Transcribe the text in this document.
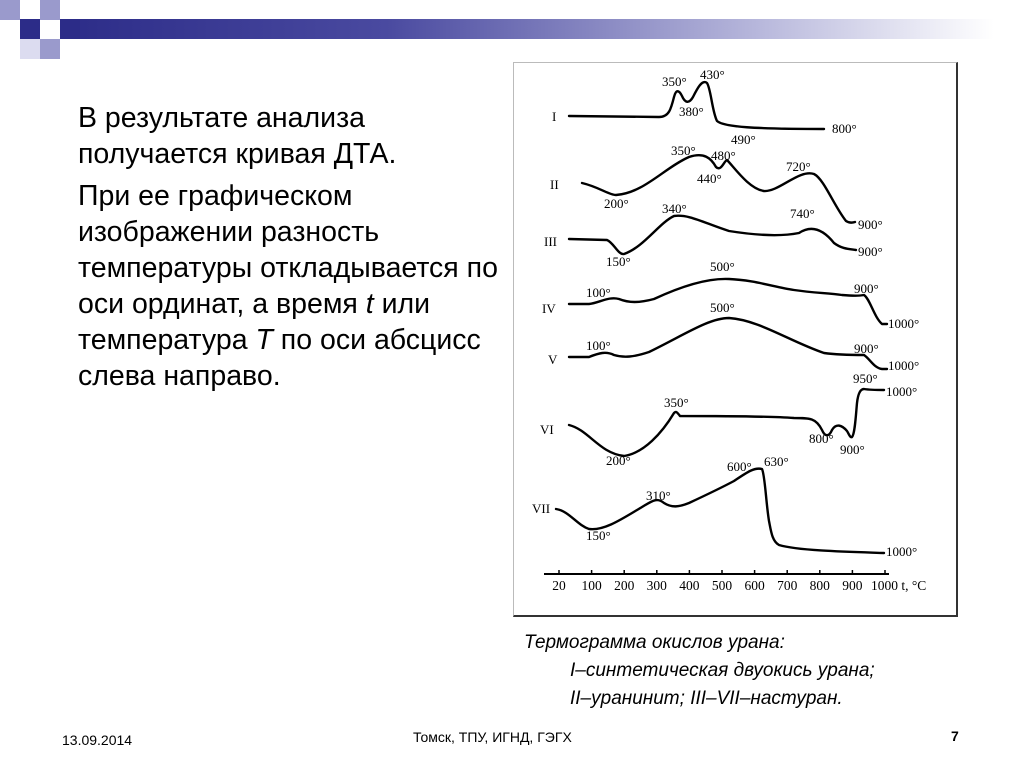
В результате анализа получается кривая ДТА.

При ее графическом изображении разность температуры откладывается по оси ординат, а время t или температура T по оси абсцисс слева направо.

I
II
III
IV
V
VI
VII
350° 430°
380°
490°
800°
350° 480°
440°
720°
200°
900°
340°	740°
150°
900°
100°
500°
900°
1000°
100°
500°
900°
1000°
350°
950°
1000°
800°
900°
200°	600° 630°
310°
150°
1000°
20 100 200 300 400 500 600 700 800 900 1000 t, °C
Термограмма окислов урана:
I–синтетическая двуокись урана;
II–уранинит; III–VII–настуран.
13.09.2014	Томск, ТПУ, ИГНД, ГЭГХ	7
